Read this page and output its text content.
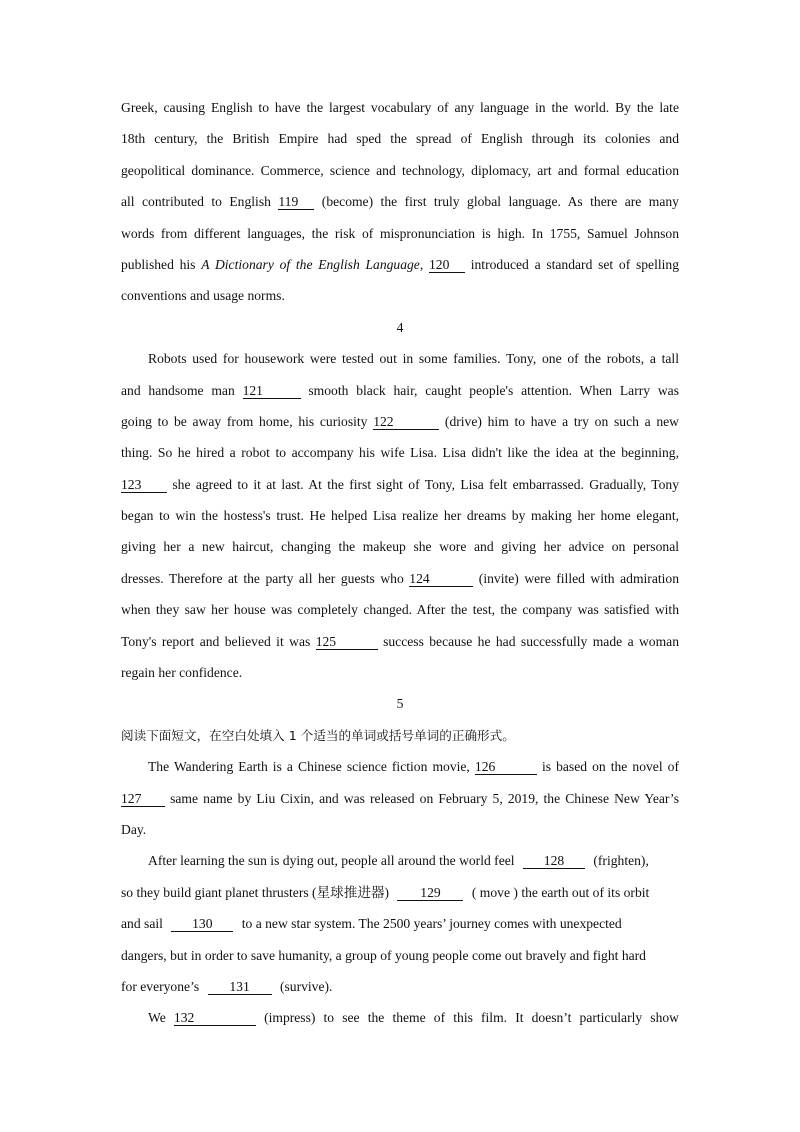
Greek, causing English to have the largest vocabulary of any language in the world. By the late
18th century, the British Empire had sped the spread of English through its colonies and
geopolitical dominance. Commerce, science and technology, diplomacy, art and formal education
all contributed to English 119 (become) the first truly global language. As there are many
words from different languages, the risk of mispronunciation is high. In 1755, Samuel Johnson
published his A Dictionary of the English Language, 120 introduced a standard set of spelling
conventions and usage norms.
4
Robots used for housework were tested out in some families. Tony, one of the robots, a tall
and handsome man 121	smooth black hair, caught people's attention. When Larry was
going to be away from home, his curiosity 122	(drive) him to have a try on such a new
thing. So he hired a robot to accompany his wife Lisa. Lisa didn't like the idea at the beginning,
123 she agreed to it at last. At the first sight of Tony, Lisa felt embarrassed. Gradually, Tony
began to win the hostess's trust. He helped Lisa realize her dreams by making her home elegant,
giving her a new haircut, changing the makeup she wore and giving her advice on personal
dresses. Therefore at the party all her guests who 124	(invite) were filled with admiration
when they saw her house was completely changed. After the test, the company was satisfied with
Tony's report and believed it was 125	success because he had successfully made a woman
regain her confidence.
5
阅读下面短文，在空白处填入 1 个适当的单词或括号单词的正确形式。
The Wandering Earth is a Chinese science fiction movie, 126	is based on the novel of
127 same name by Liu Cixin, and was released on February 5, 2019, the Chinese New Year’s
Day.
After learning the sun is dying out, people all around the world feel 128 (frighten),
so they build giant planet thrusters (星球推进器) 129 ( move ) the earth out of its orbit
and sail 130 to a new star system. The 2500 years’ journey comes with unexpected
dangers, but in order to save humanity, a group of young people come out bravely and fight hard
for everyone’s 131 (survive).
We 132	(impress) to see the theme of this film. It doesn’t particularly show
